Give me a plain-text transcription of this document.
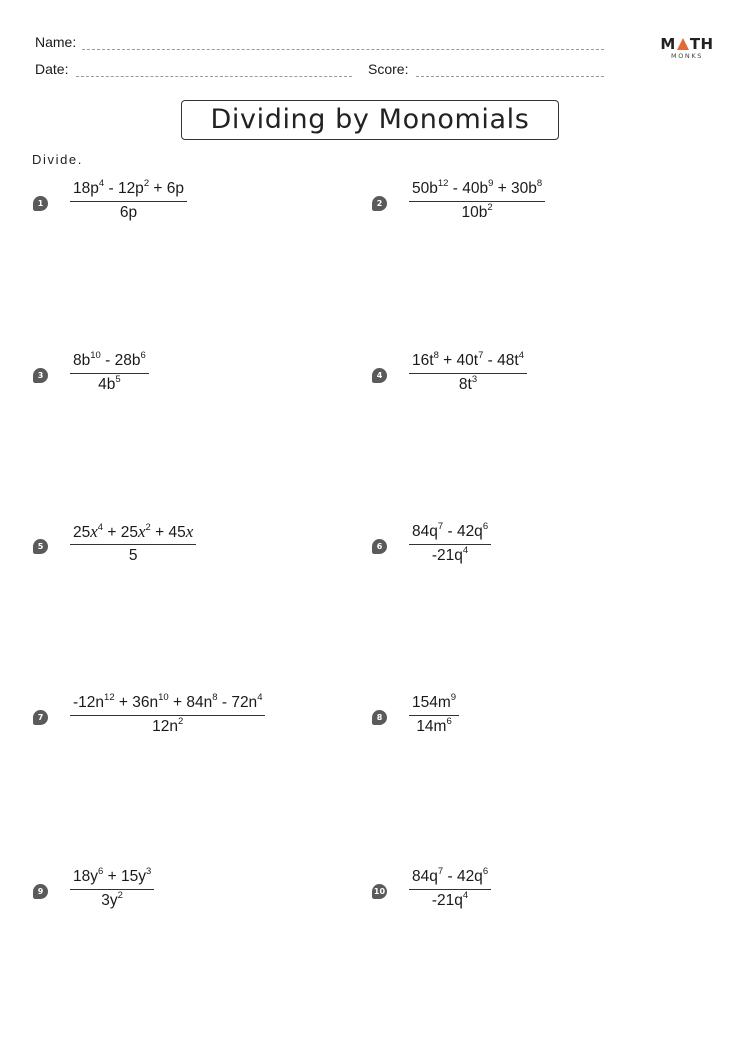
Name:
Date:	Score:
M TH
MONKS
Dividing by Monomials
Divide.
1	$\frac{18p^4 - 12p^2 + 6p}{6p}$	2	$\frac{50b^{12} - 40b^9 + 30b^8}{10b^2}$
3	$\frac{8b^{10} - 28b^6}{4b^5}$	4	$\frac{16t^8 + 40t^7 - 48t^4}{8t^3}$
5	$\frac{25x^4 + 25x^2 + 45x}{5}$	6	$\frac{84q^7 - 42q^6}{-21q^4}$
7	$\frac{-12n^{12} + 36n^{10} + 84n^8 - 72n^4}{12n^2}$	8	$\frac{154m^9}{14m^6}$
9	$\frac{18y^6 + 15y^3}{3y^2}$	$10 \frac{84q^7 - 42q^6}{-21q^4}$
